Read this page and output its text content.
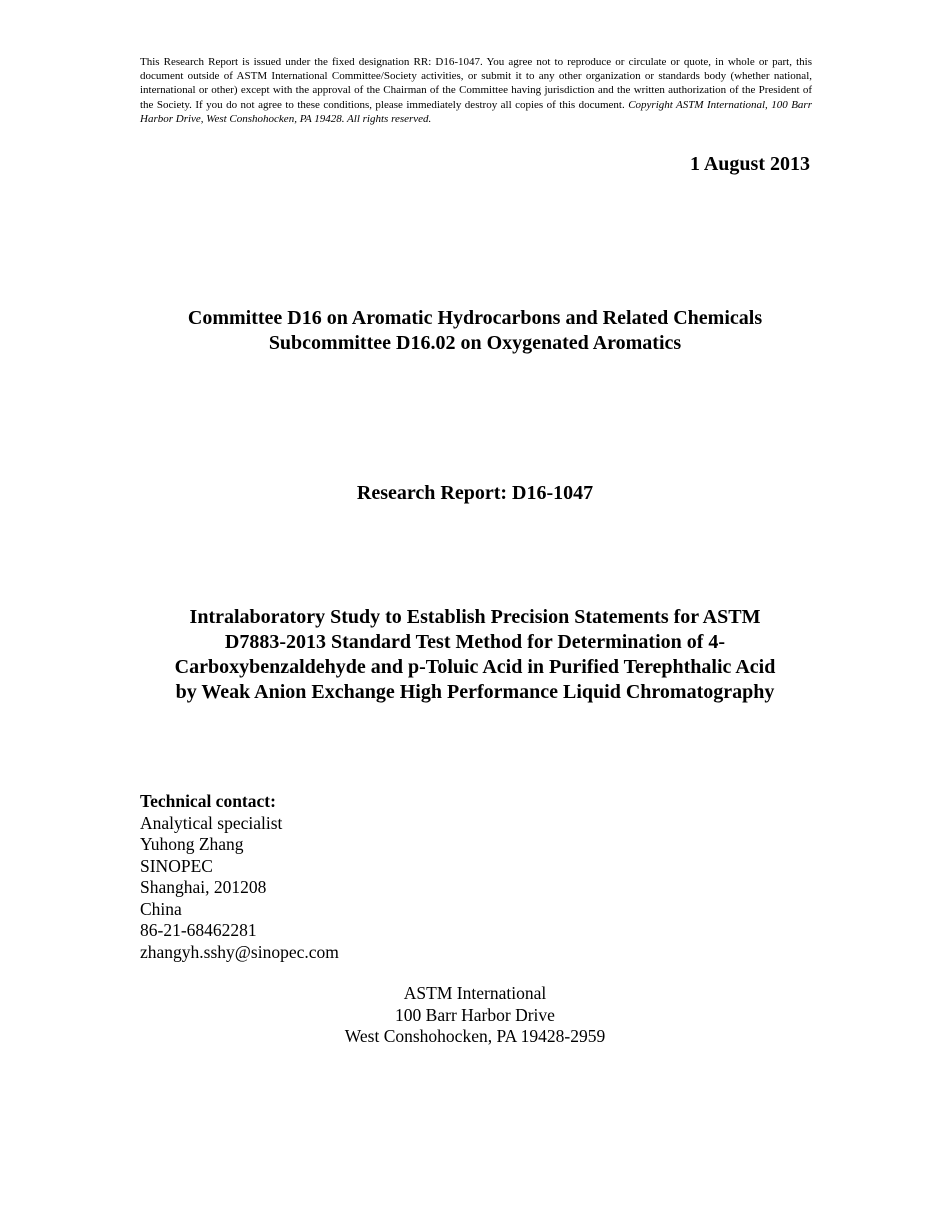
This Research Report is issued under the fixed designation RR: D16-1047. You agree not to reproduce or circulate or quote, in whole or part, this document outside of ASTM International Committee/Society activities, or submit it to any other organization or standards body (whether national, international or other) except with the approval of the Chairman of the Committee having jurisdiction and the written authorization of the President of the Society. If you do not agree to these conditions, please immediately destroy all copies of this document. Copyright ASTM International, 100 Barr Harbor Drive, West Conshohocken, PA 19428. All rights reserved.
1 August 2013
Committee D16 on Aromatic Hydrocarbons and Related Chemicals
Subcommittee D16.02 on Oxygenated Aromatics
Research Report: D16-1047
Intralaboratory Study to Establish Precision Statements for ASTM
D7883-2013 Standard Test Method for Determination of 4-
Carboxybenzaldehyde and p-Toluic Acid in Purified Terephthalic Acid
by Weak Anion Exchange High Performance Liquid Chromatography
Technical contact:
Analytical specialist
Yuhong Zhang
SINOPEC
Shanghai, 201208
China
86-21-68462281
zhangyh.sshy@sinopec.com
ASTM International
100 Barr Harbor Drive
West Conshohocken, PA 19428-2959
